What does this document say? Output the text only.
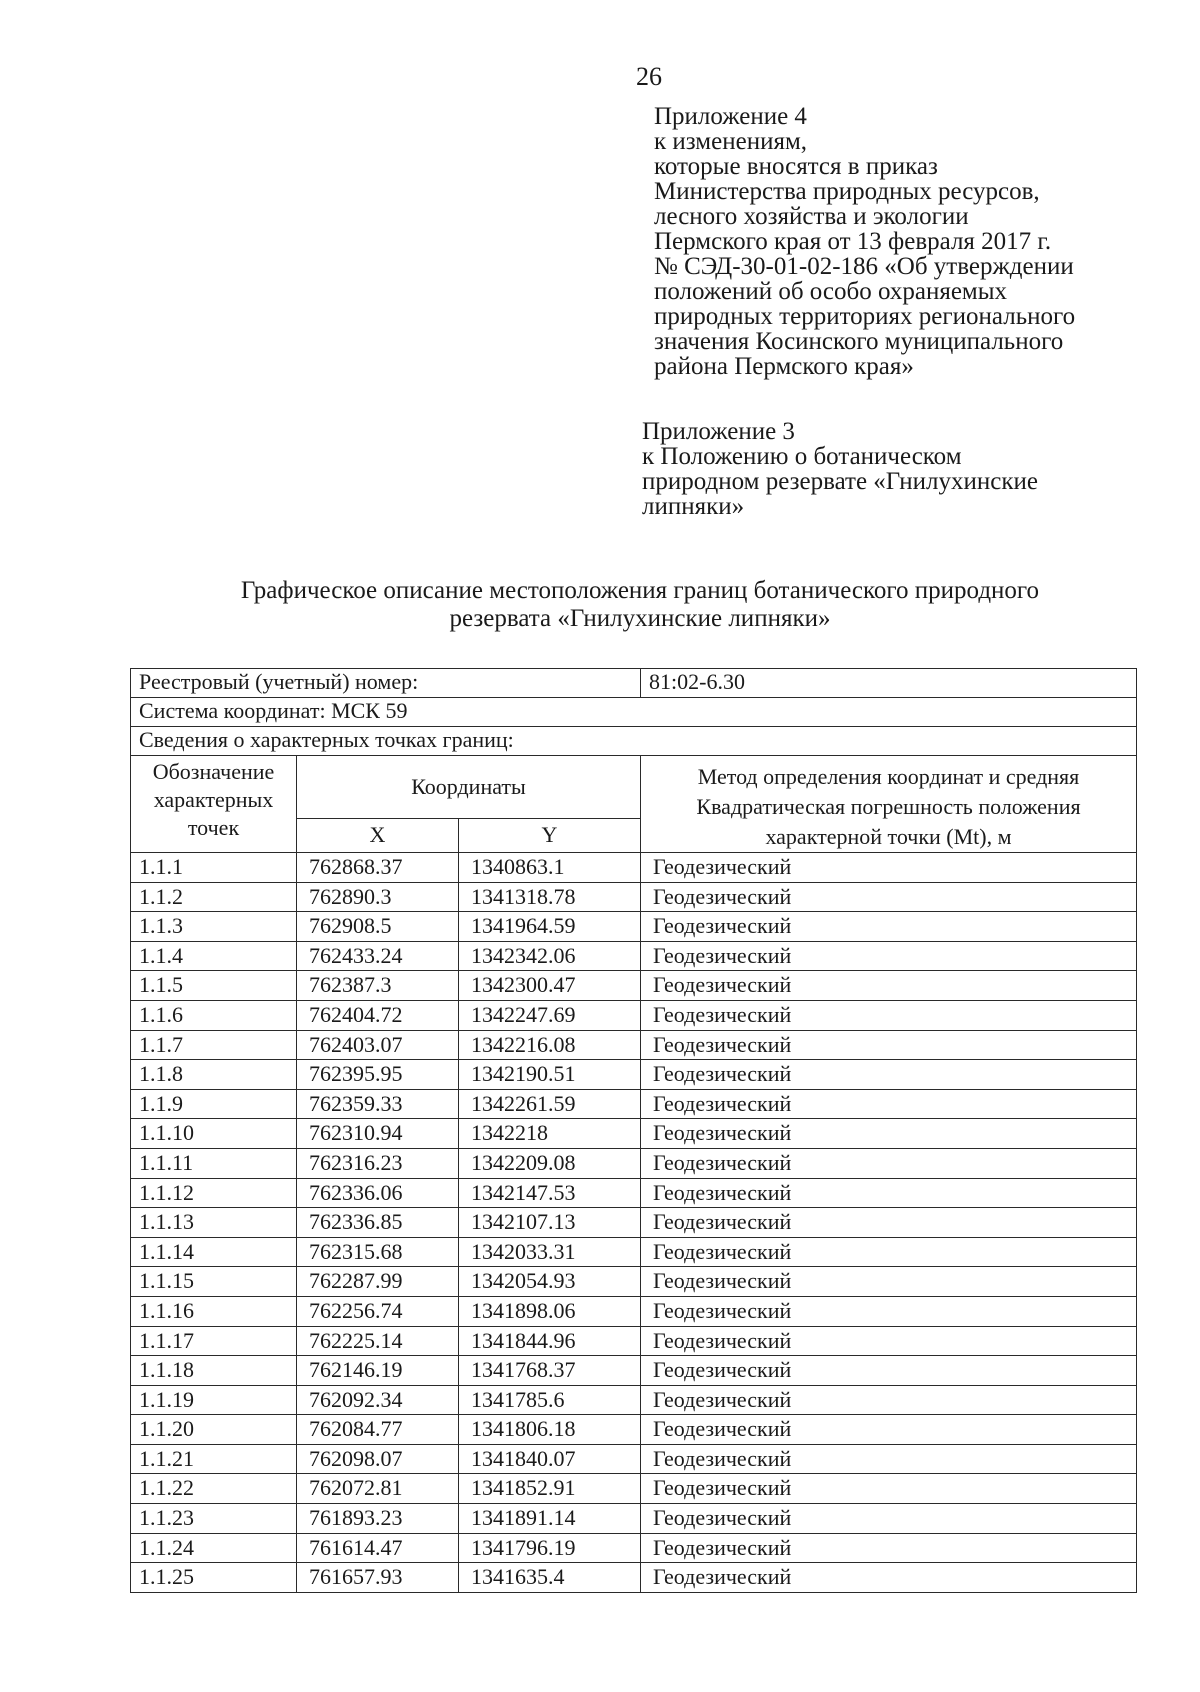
26
Приложение 4
к изменениям,
которые вносятся в приказ
Министерства природных ресурсов,
лесного хозяйства и экологии
Пермского края от 13 февраля 2017 г.
№ СЭД-30-01-02-186 «Об утверждении
положений об особо охраняемых
природных территориях регионального
значения Косинского муниципального
района Пермского края»
Приложение 3
к Положению о ботаническом
природном резервате «Гнилухинские
липняки»
Графическое описание местоположения границ ботанического природного
резервата «Гнилухинские липняки»
Реестровый (учетный) номер:			81:02-6.30
Система координат: МСК 59			
Сведения о характерных точках границ:			
Обозначение характерных точек	Координаты		Метод определения координат и средняя Квадратическая погрешность положения характерной точки (Mt), м
	X	Y	
1.1.1	762868.37	1340863.1	Геодезический
1.1.2	762890.3	1341318.78	Геодезический
1.1.3	762908.5	1341964.59	Геодезический
1.1.4	762433.24	1342342.06	Геодезический
1.1.5	762387.3	1342300.47	Геодезический
1.1.6	762404.72	1342247.69	Геодезический
1.1.7	762403.07	1342216.08	Геодезический
1.1.8	762395.95	1342190.51	Геодезический
1.1.9	762359.33	1342261.59	Геодезический
1.1.10	762310.94	1342218	Геодезический
1.1.11	762316.23	1342209.08	Геодезический
1.1.12	762336.06	1342147.53	Геодезический
1.1.13	762336.85	1342107.13	Геодезический
1.1.14	762315.68	1342033.31	Геодезический
1.1.15	762287.99	1342054.93	Геодезический
1.1.16	762256.74	1341898.06	Геодезический
1.1.17	762225.14	1341844.96	Геодезический
1.1.18	762146.19	1341768.37	Геодезический
1.1.19	762092.34	1341785.6	Геодезический
1.1.20	762084.77	1341806.18	Геодезический
1.1.21	762098.07	1341840.07	Геодезический
1.1.22	762072.81	1341852.91	Геодезический
1.1.23	761893.23	1341891.14	Геодезический
1.1.24	761614.47	1341796.19	Геодезический
1.1.25	761657.93	1341635.4	Геодезический
